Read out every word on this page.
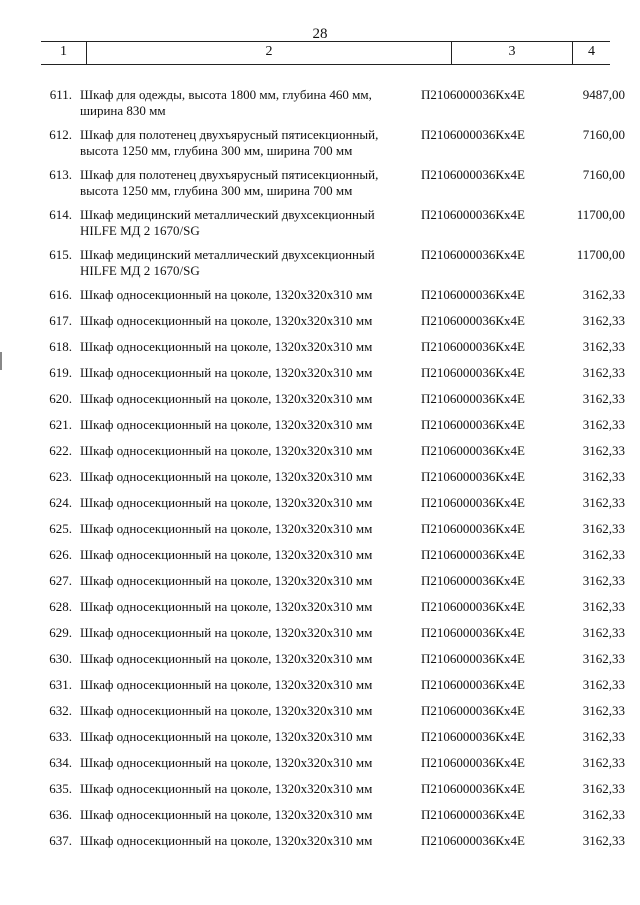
28
1	2	3	4
611. Шкаф для одежды, высота 1800 мм, глубина 460 мм,
ширина 830 мм
П2106000036Кх4Е	9487,00
612. Шкаф для полотенец двухъярусный пятисекционный,
высота 1250 мм, глубина 300 мм, ширина 700 мм
П2106000036Кх4Е	7160,00
613. Шкаф для полотенец двухъярусный пятисекционный,
высота 1250 мм, глубина 300 мм, ширина 700 мм
П2106000036Кх4Е	7160,00
614. Шкаф медицинский металлический двухсекционный
HILFE МД 2 1670/SG
П2106000036Кх4Е	11700,00
615. Шкаф медицинский металлический двухсекционный
HILFE МД 2 1670/SG
П2106000036Кх4Е	11700,00
616. Шкаф односекционный на цоколе, 1320х320х310 мм	П2106000036Кх4Е	3162,33
617. Шкаф односекционный на цоколе, 1320х320х310 мм	П2106000036Кх4Е	3162,33
618. Шкаф односекционный на цоколе, 1320х320х310 мм	П2106000036Кх4Е	3162,33
619. Шкаф односекционный на цоколе, 1320х320х310 мм	П2106000036Кх4Е	3162,33
620. Шкаф односекционный на цоколе, 1320х320х310 мм	П2106000036Кх4Е	3162,33
621. Шкаф односекционный на цоколе, 1320х320х310 мм	П2106000036Кх4Е	3162,33
622. Шкаф односекционный на цоколе, 1320х320х310 мм	П2106000036Кх4Е	3162,33
623. Шкаф односекционный на цоколе, 1320х320х310 мм	П2106000036Кх4Е	3162,33
624. Шкаф односекционный на цоколе, 1320х320х310 мм	П2106000036Кх4Е	3162,33
625. Шкаф односекционный на цоколе, 1320х320х310 мм	П2106000036Кх4Е	3162,33
626. Шкаф односекционный на цоколе, 1320х320х310 мм	П2106000036Кх4Е	3162,33
627. Шкаф односекционный на цоколе, 1320х320х310 мм	П2106000036Кх4Е	3162,33
628. Шкаф односекционный на цоколе, 1320х320х310 мм	П2106000036Кх4Е	3162,33
629. Шкаф односекционный на цоколе, 1320х320х310 мм	П2106000036Кх4Е	3162,33
630. Шкаф односекционный на цоколе, 1320х320х310 мм	П2106000036Кх4Е	3162,33
631. Шкаф односекционный на цоколе, 1320х320х310 мм	П2106000036Кх4Е	3162,33
632. Шкаф односекционный на цоколе, 1320х320х310 мм	П2106000036Кх4Е	3162,33
633. Шкаф односекционный на цоколе, 1320х320х310 мм	П2106000036Кх4Е	3162,33
634. Шкаф односекционный на цоколе, 1320х320х310 мм	П2106000036Кх4Е	3162,33
635. Шкаф односекционный на цоколе, 1320х320х310 мм	П2106000036Кх4Е	3162,33
636. Шкаф односекционный на цоколе, 1320х320х310 мм	П2106000036Кх4Е	3162,33
637. Шкаф односекционный на цоколе, 1320х320х310 мм	П2106000036Кх4Е	3162,33
